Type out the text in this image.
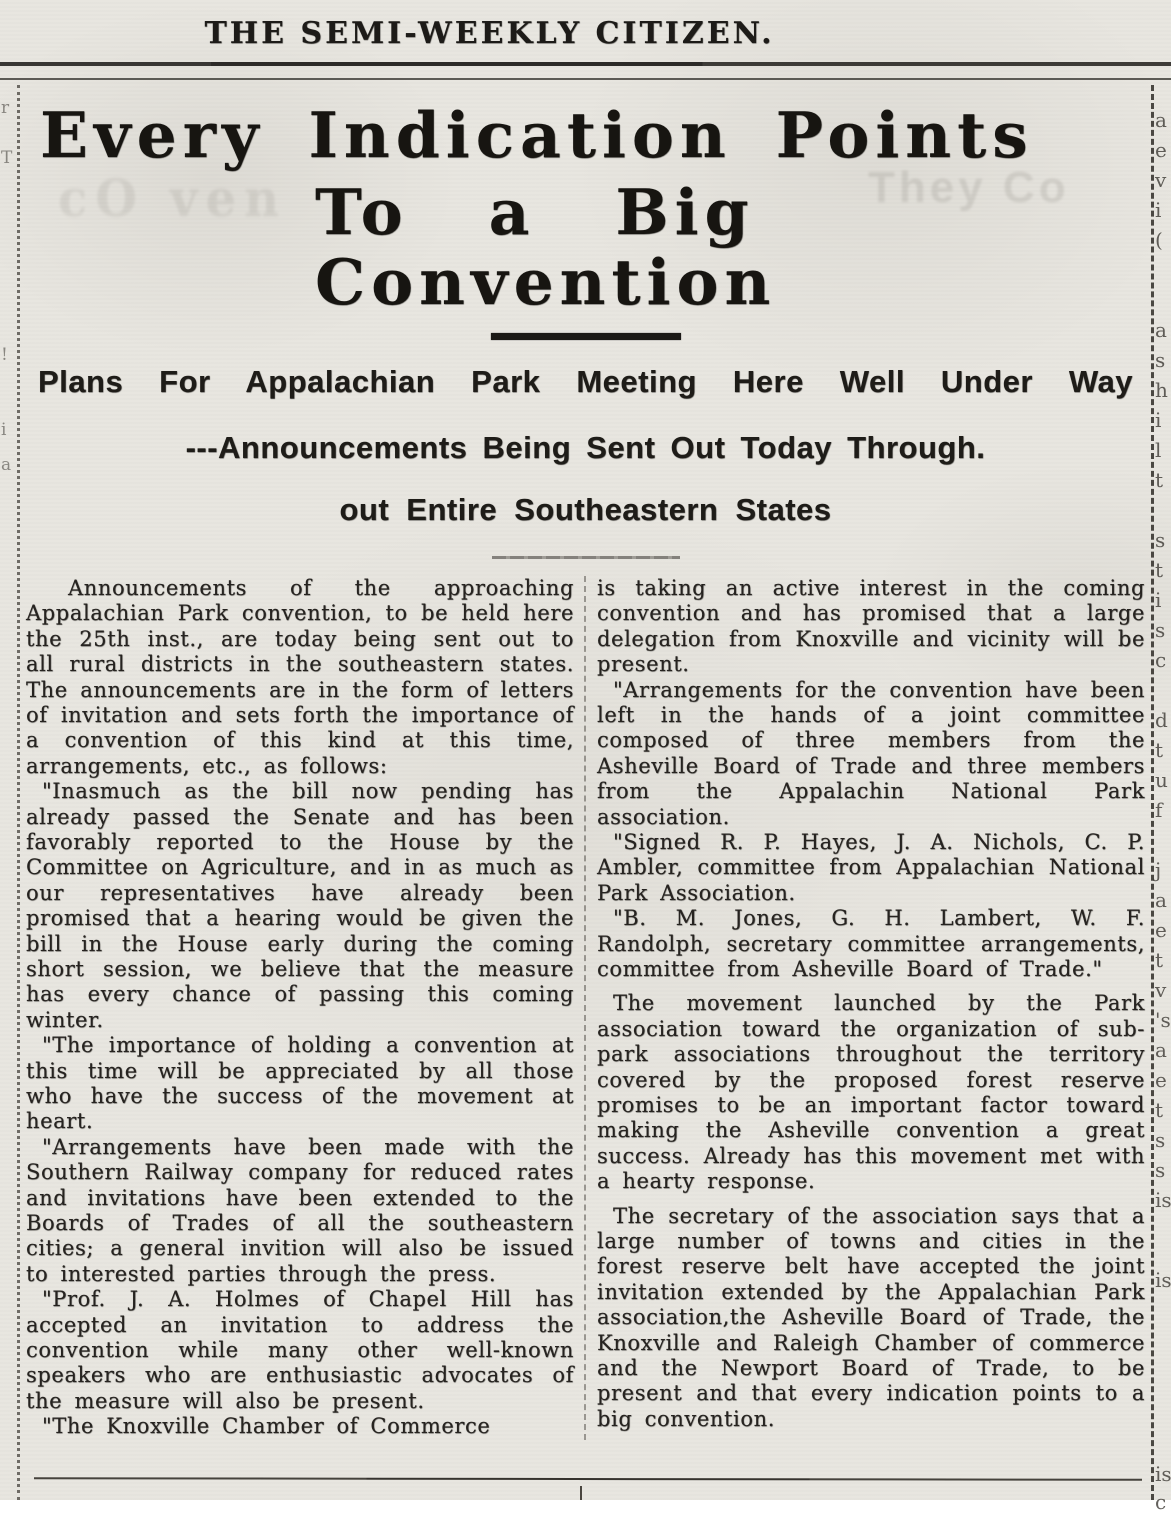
THE SEMI-WEEKLY CITIZEN.
They Co
cO ven
Every Indication Points
To a Big Convention
Plans For Appalachian Park Meeting Here Well Under Way
---Announcements Being Sent Out Today Through.
out Entire Southeastern States

Announcements of the approaching Appalachian Park convention, to be held here the 25th inst., are today being sent out to all rural districts in the southeastern states. The announcements are in the form of letters of invitation and sets forth the importance of a convention of this kind at this time, arrangements, etc., as follows:

"Inasmuch as the bill now pending has already passed the Senate and has been favorably reported to the House by the Committee on Agriculture, and in as much as our representatives have already been promised that a hearing would be given the bill in the House early during the coming short session, we believe that the measure has every chance of passing this coming winter.

"The importance of holding a convention at this time will be appreciated by all those who have the success of the movement at heart.

"Arrangements have been made with the Southern Railway company for reduced rates and invitations have been extended to the Boards of Trades of all the southeastern cities; a general invition will also be issued to interested parties through the press.

"Prof. J. A. Holmes of Chapel Hill has accepted an invitation to address the convention while many other well-known speakers who are enthusiastic advocates of the measure will also be present.

"The Knoxville Chamber of Commerce

is taking an active interest in the coming convention and has promised that a large delegation from Knoxville and vicinity will be present.

"Arrangements for the convention have been left in the hands of a joint committee composed of three members from the Asheville Board of Trade and three members from the Appalachin National Park association.

"Signed R. P. Hayes, J. A. Nichols, C. P. Ambler, committee from Appalachian National Park Association.

"B. M. Jones, G. H. Lambert, W. F. Randolph, secretary committee arrangements, committee from Asheville Board of Trade."

The movement launched by the Park association toward the organization of sub-park associations throughout the territory covered by the proposed forest reserve promises to be an important factor toward making the Asheville convention a great success. Already has this movement met with a hearty response.

The secretary of the association says that a large number of towns and cities in the forest reserve belt have accepted the joint invitation extended by the Appalachian Park association,the Asheville Board of Trade, the Knoxville and Raleigh Chamber of commerce and the Newport Board of Trade, to be present and that every indication points to a big convention.

a
e
v
i
(
a
s
h
i
l
t
s
t
i
s
c
d
t
u
f
j
a
e
t
v
's
a
e
t
s
s
is
is
is
c
r
T
!
i
a
